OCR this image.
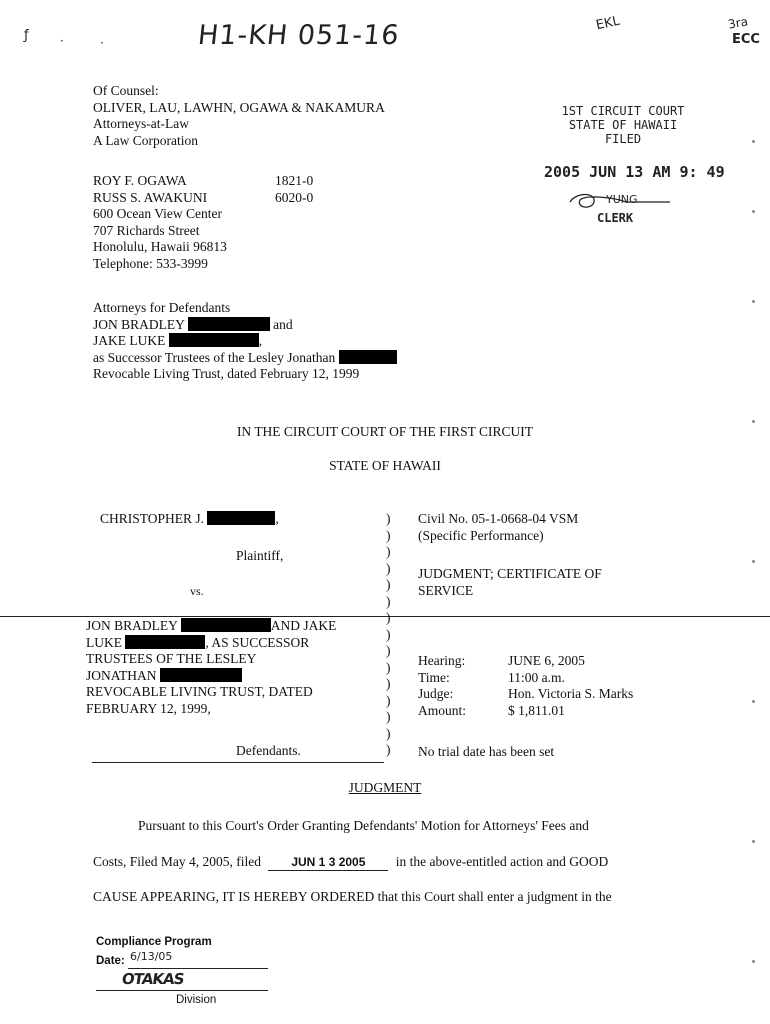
ƒ	·	·	H1-KH 051-16	EKL	3ra
ECC
Of Counsel:
OLIVER, LAU, LAWHN, OGAWA & NAKAMURA
Attorneys-at-Law
A Law Corporation
ROY F. OGAWA	1821-0
RUSS S. AWAKUNI	6020-0
600 Ocean View Center
707 Richards Street
Honolulu, Hawaii 96813
Telephone: 533-3999
1ST CIRCUIT COURT
STATE OF HAWAII
FILED
2005 JUN 13 AM 9: 49
YUNG
CLERK
Attorneys for Defendants
JON BRADLEY	and
JAKE LUKE	,
as Successor Trustees of the Lesley Jonathan
Revocable Living Trust, dated February 12, 1999
IN THE CIRCUIT COURT OF THE FIRST CIRCUIT
STATE OF HAWAII
CHRISTOPHER J.	,
Plaintiff,
vs.
JON BRADLEY	AND JAKE
LUKE	, AS SUCCESSOR
TRUSTEES OF THE LESLEY
JONATHAN
REVOCABLE LIVING TRUST, DATED
FEBRUARY 12, 1999,
Defendants.
)
)
)
)
)
)
)
)
)
)
)
)
)
)
)
Civil No. 05-1-0668-04 VSM
(Specific Performance)
JUDGMENT; CERTIFICATE OF
SERVICE
Hearing:	JUNE 6, 2005
Time:	11:00 a.m.
Judge:	Hon. Victoria S. Marks
Amount:	$ 1,811.01
No trial date has been set
JUDGMENT
Pursuant to this Court's Order Granting Defendants' Motion for Attorneys' Fees and
Costs, Filed May 4, 2005, filed	JUN 1 3 2005 in the above-entitled action and GOOD
CAUSE APPEARING, IT IS HEREBY ORDERED that this Court shall enter a judgment in the
Compliance Program
Date: 6/13/05
OTAKAS
Division
